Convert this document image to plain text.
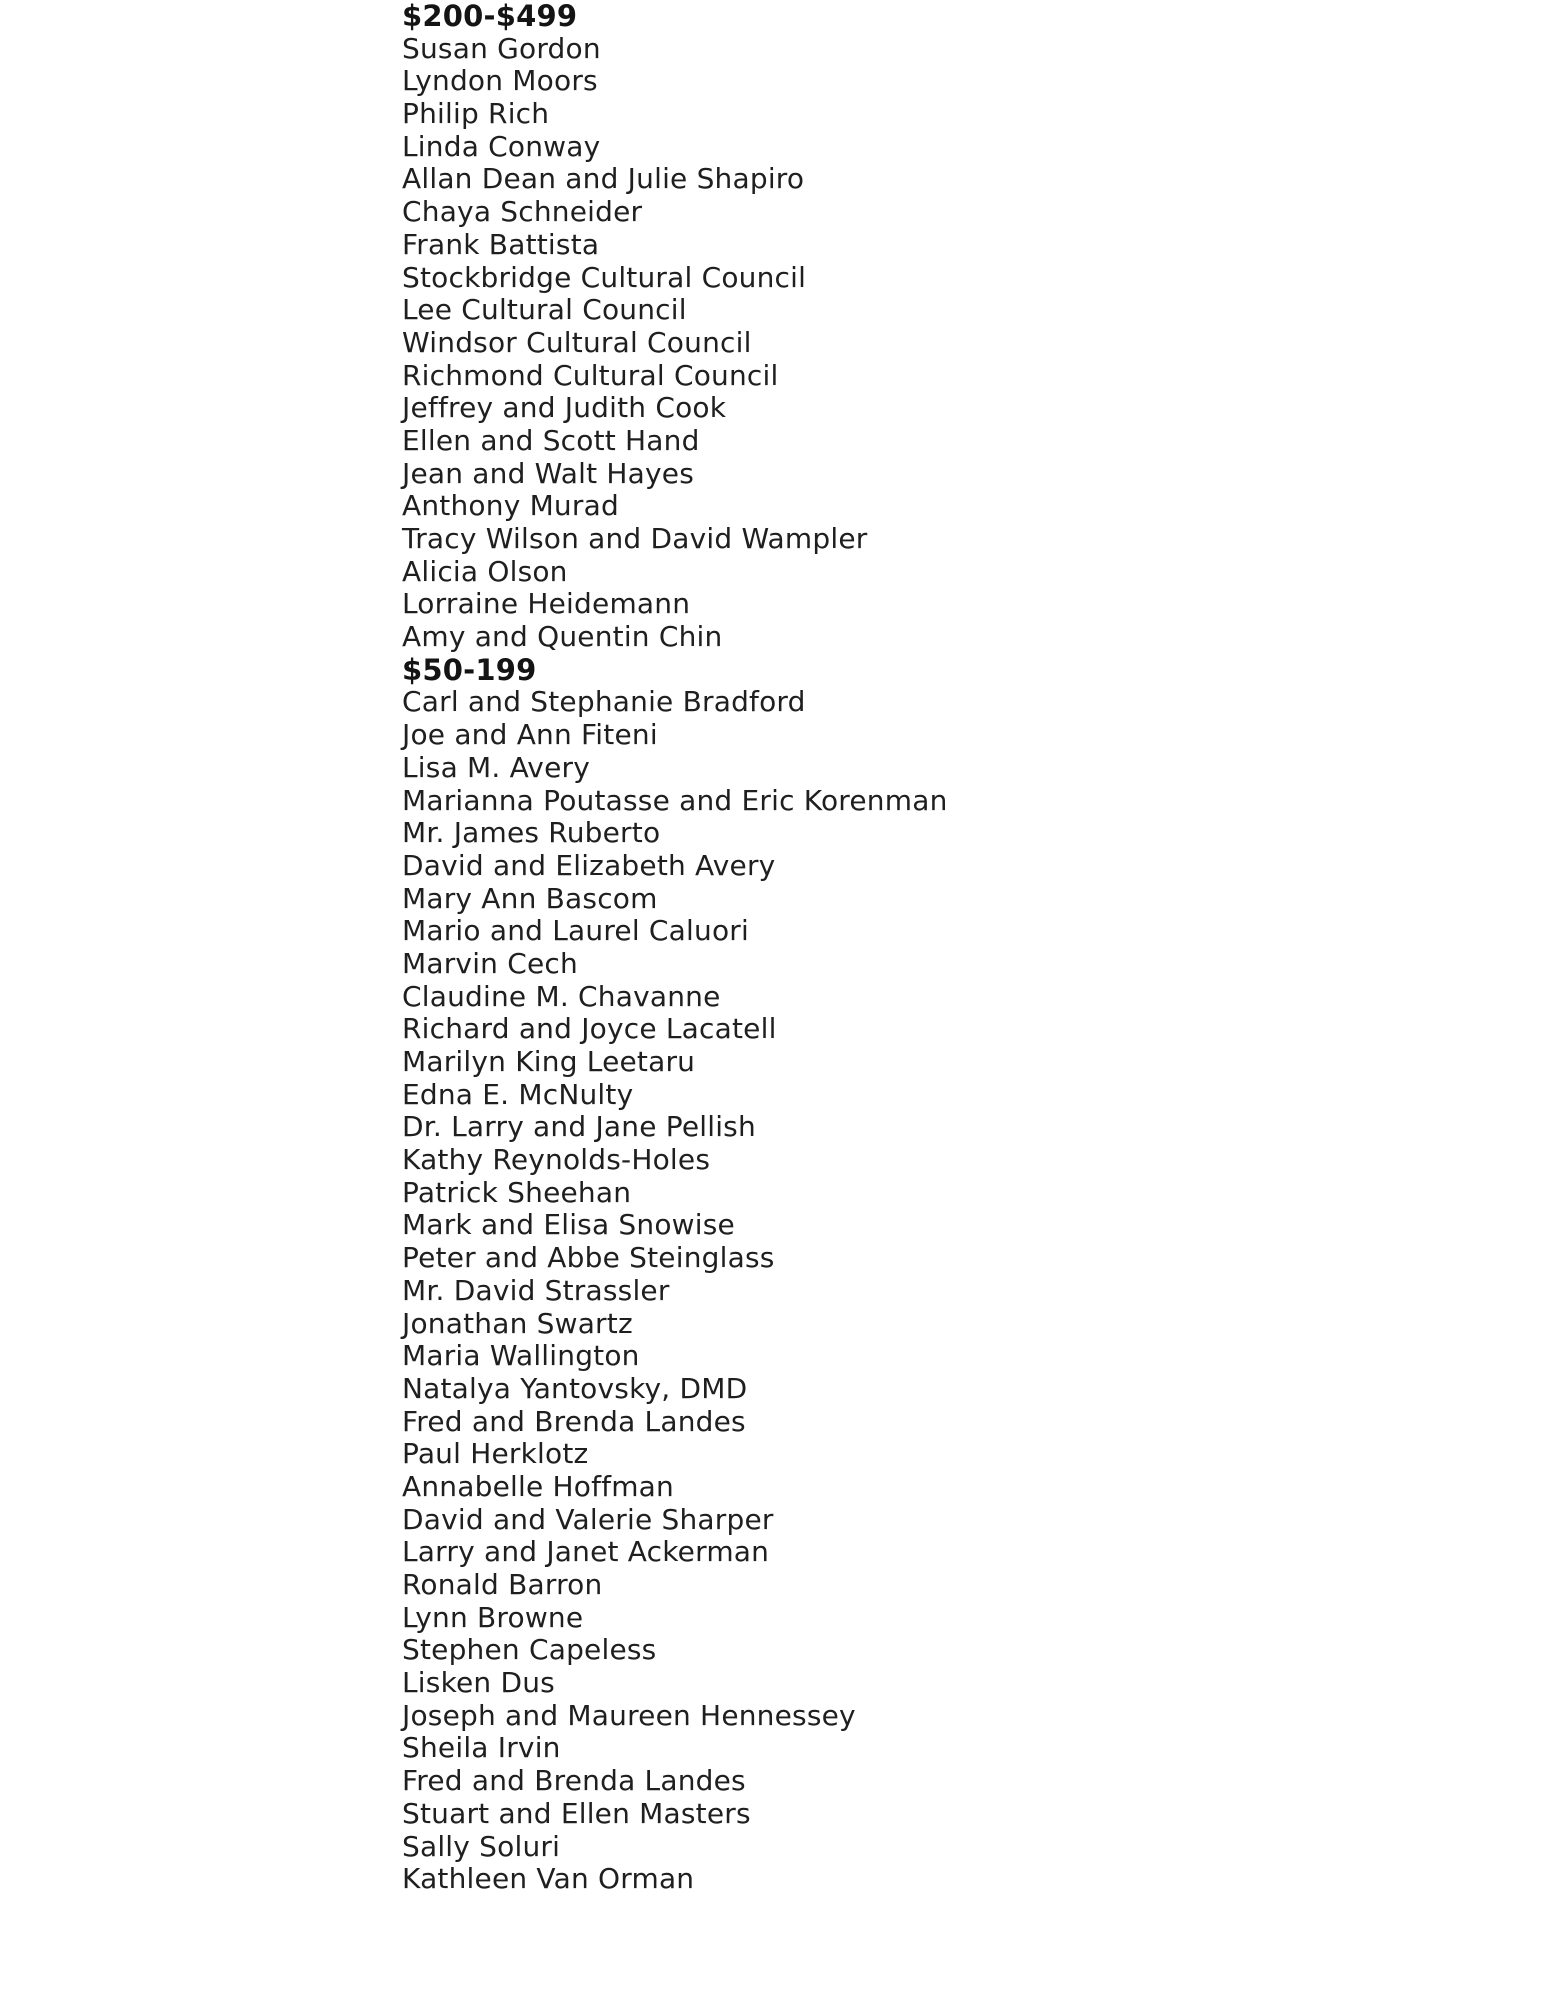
$200-$499
Susan Gordon
Lyndon Moors
Philip Rich
Linda Conway
Allan Dean and Julie Shapiro
Chaya Schneider
Frank Battista
Stockbridge Cultural Council
Lee Cultural Council
Windsor Cultural Council
Richmond Cultural Council
Jeffrey and Judith Cook
Ellen and Scott Hand
Jean and Walt Hayes
Anthony Murad
Tracy Wilson and David Wampler
Alicia Olson
Lorraine Heidemann
Amy and Quentin Chin
$50-199
Carl and Stephanie Bradford
Joe and Ann Fiteni
Lisa M. Avery
Marianna Poutasse and Eric Korenman
Mr. James Ruberto
David and Elizabeth Avery
Mary Ann Bascom
Mario and Laurel Caluori
Marvin Cech
Claudine M. Chavanne
Richard and Joyce Lacatell
Marilyn King Leetaru
Edna E. McNulty
Dr. Larry and Jane Pellish
Kathy Reynolds-Holes
Patrick Sheehan
Mark and Elisa Snowise
Peter and Abbe Steinglass
Mr. David Strassler
Jonathan Swartz
Maria Wallington
Natalya Yantovsky, DMD
Fred and Brenda Landes
Paul Herklotz
Annabelle Hoffman
David and Valerie Sharper
Larry and Janet Ackerman
Ronald Barron
Lynn Browne
Stephen Capeless
Lisken Dus
Joseph and Maureen Hennessey
Sheila Irvin
Fred and Brenda Landes
Stuart and Ellen Masters
Sally Soluri
Kathleen Van Orman
